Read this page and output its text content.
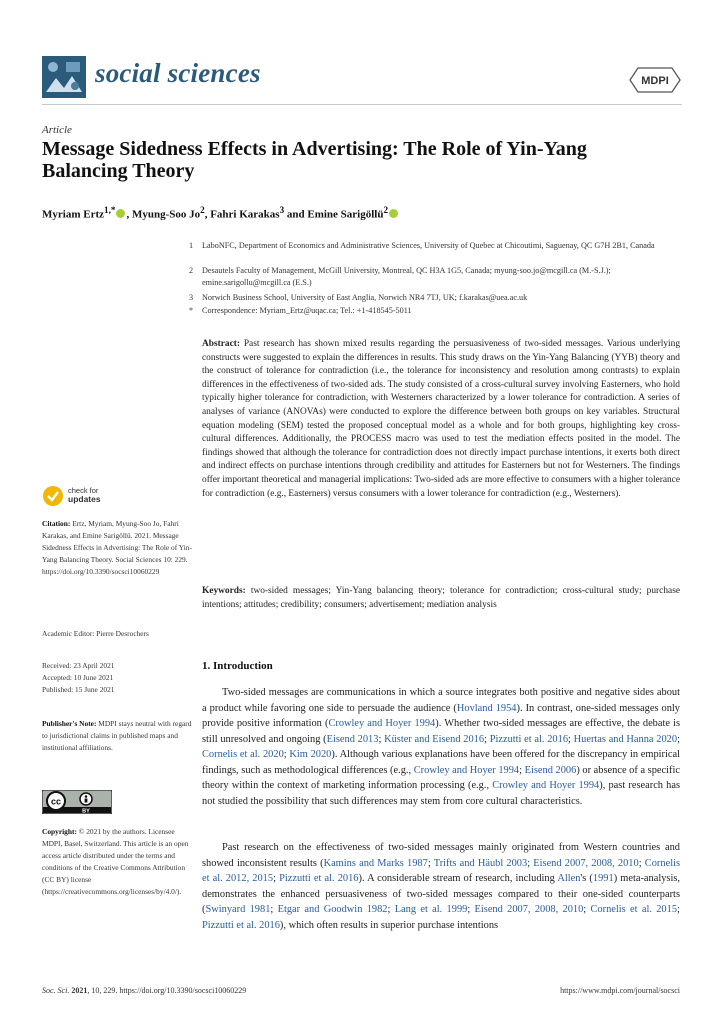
social sciences	MDPI
Article
Message Sidedness Effects in Advertising: The Role of Yin-Yang Balancing Theory
Myriam Ertz$^{1,*}$ , Myung-Soo Jo$^2$, Fahri Karakas$^3$ and Emine Sarigöllü$^2$
1 LaboNFC, Department of Economics and Administrative Sciences, University of Quebec at Chicoutimi, Saguenay, QC G7H 2B1, Canada
2 Desautels Faculty of Management, McGill University, Montreal, QC H3A 1G5, Canada; myung-soo.jo@mcgill.ca (M.-S.J.); emine.sarigollu@mcgill.ca (E.S.)
3 Norwich Business School, University of East Anglia, Norwich NR4 7TJ, UK; f.karakas@uea.ac.uk
* Correspondence: Myriam_Ertz@uqac.ca; Tel.: +1-418545-5011
Abstract: Past research has shown mixed results regarding the persuasiveness of two-sided messages. Various underlying constructs were suggested to explain the differences in results. This study draws on the Yin-Yang Balancing (YYB) theory and the construct of tolerance for contradiction (i.e., the tolerance for inconsistency and resolution among contrasts) to explain differences in the effectiveness of two-sided ads. The study consisted of a cross-cultural survey involving Easterners, who hold typically higher tolerance for contradiction, with Westerners characterized by a lower tolerance for contradiction. A series of analyses of variance (ANOVAs) were conducted to explore the difference between both groups on key variables. Structural equation modeling (SEM) tested the proposed conceptual model as a whole and for both groups, highlighting key cross-cultural differences. Additionally, the PROCESS macro was used to test the mediation effects posited in the model. The findings showed that although the tolerance for contradiction does not directly impact purchase intentions, it exerts both direct and indirect effects on purchase intentions through credibility and attitudes for Easterners but not for Westerners. The findings offer important theoretical and managerial implications: Two-sided ads are more effective to consumers with a higher tolerance for contradiction (e.g., Easterners) versus consumers with a lower tolerance for contradiction (e.g., Westerners).
Keywords: two-sided messages; Yin-Yang balancing theory; tolerance for contradiction; cross-cultural study; purchase intentions; attitudes; credibility; consumers; advertisement; mediation analysis
check for
updates
Citation: Ertz, Myriam, Myung-Soo Jo, Fahri Karakas, and Emine Sarigöllü. 2021. Message Sidedness Effects in Advertising: The Role of Yin-Yang Balancing Theory. Social Sciences 10: 229. https://doi.org/10.3390/socsci10060229
Academic Editor: Pierre Desrochers
Received: 23 April 2021
Accepted: 10 June 2021
Published: 15 June 2021
Publisher's Note: MDPI stays neutral with regard to jurisdictional claims in published maps and institutional affiliations.
cc
BY
Copyright: © 2021 by the authors. Licensee MDPI, Basel, Switzerland. This article is an open access article distributed under the terms and conditions of the Creative Commons Attribution (CC BY) license (https://creativecommons.org/licenses/by/4.0/).
1. Introduction
Two-sided messages are communications in which a source integrates both positive and negative sides about a product while favoring one side to persuade the audience (Hovland 1954). In contrast, one-sided messages only provide positive information (Crowley and Hoyer 1994). Whether two-sided messages are effective, the debate is still unresolved and ongoing (Eisend 2013; Küster and Eisend 2016; Pizzutti et al. 2016; Huertas and Hanna 2020; Cornelis et al. 2020; Kim 2020). Although various explanations have been offered for the discrepancy in empirical findings, such as methodological differences (e.g., Crowley and Hoyer 1994; Eisend 2006) or absence of a specific theory within the context of marketing information processing (e.g., Crowley and Hoyer 1994), past research has not studied the possibility that such differences may stem from core cultural characteristics.
Past research on the effectiveness of two-sided messages mainly originated from Western countries and showed inconsistent results (Kamins and Marks 1987; Trifts and Häubl 2003; Eisend 2007, 2008, 2010; Cornelis et al. 2012, 2015; Pizzutti et al. 2016). A considerable stream of research, including Allen's (1991) meta-analysis, demonstrates the enhanced persuasiveness of two-sided messages compared to their one-sided counterparts (Swinyard 1981; Etgar and Goodwin 1982; Lang et al. 1999; Eisend 2007, 2008, 2010; Cornelis et al. 2015; Pizzutti et al. 2016), which often results in superior purchase intentions
Soc. Sci. 2021, 10, 229. https://doi.org/10.3390/socsci10060229	https://www.mdpi.com/journal/socsci
